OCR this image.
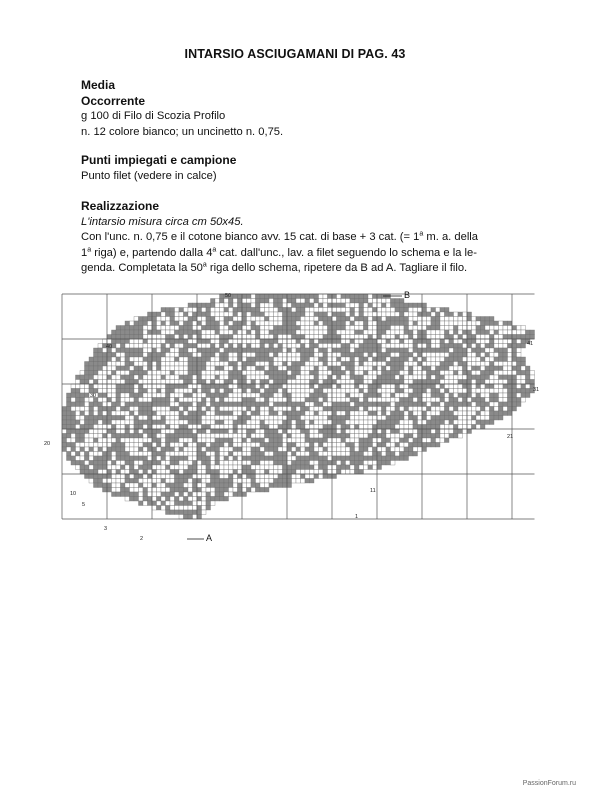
INTARSIO ASCIUGAMANI DI PAG. 43
Media
Occorrente
g 100 di Filo di Scozia Profilo
n. 12 colore bianco; un uncinetto n. 0,75.
Punti impiegati e campione
Punto filet (vedere in calce)
Realizzazione
L'intarsio misura circa cm 50x45.
Con l'unc. n. 0,75 e il cotone bianco avv. 15 cat. di base + 3 cat. (= $1^a$ m. a. della
1$^a$ riga) e, partendo dalla 4$^a$ cat. dall'unc., lav. a filet seguendo lo schema e la le-
genda. Completata la 50$^a$ riga dello schema, ripetere da B ad A. Tagliare il filo.
50
40
30
20
10
5
3
2
41
31
21
11
1
B
A
PassionForum.ru
